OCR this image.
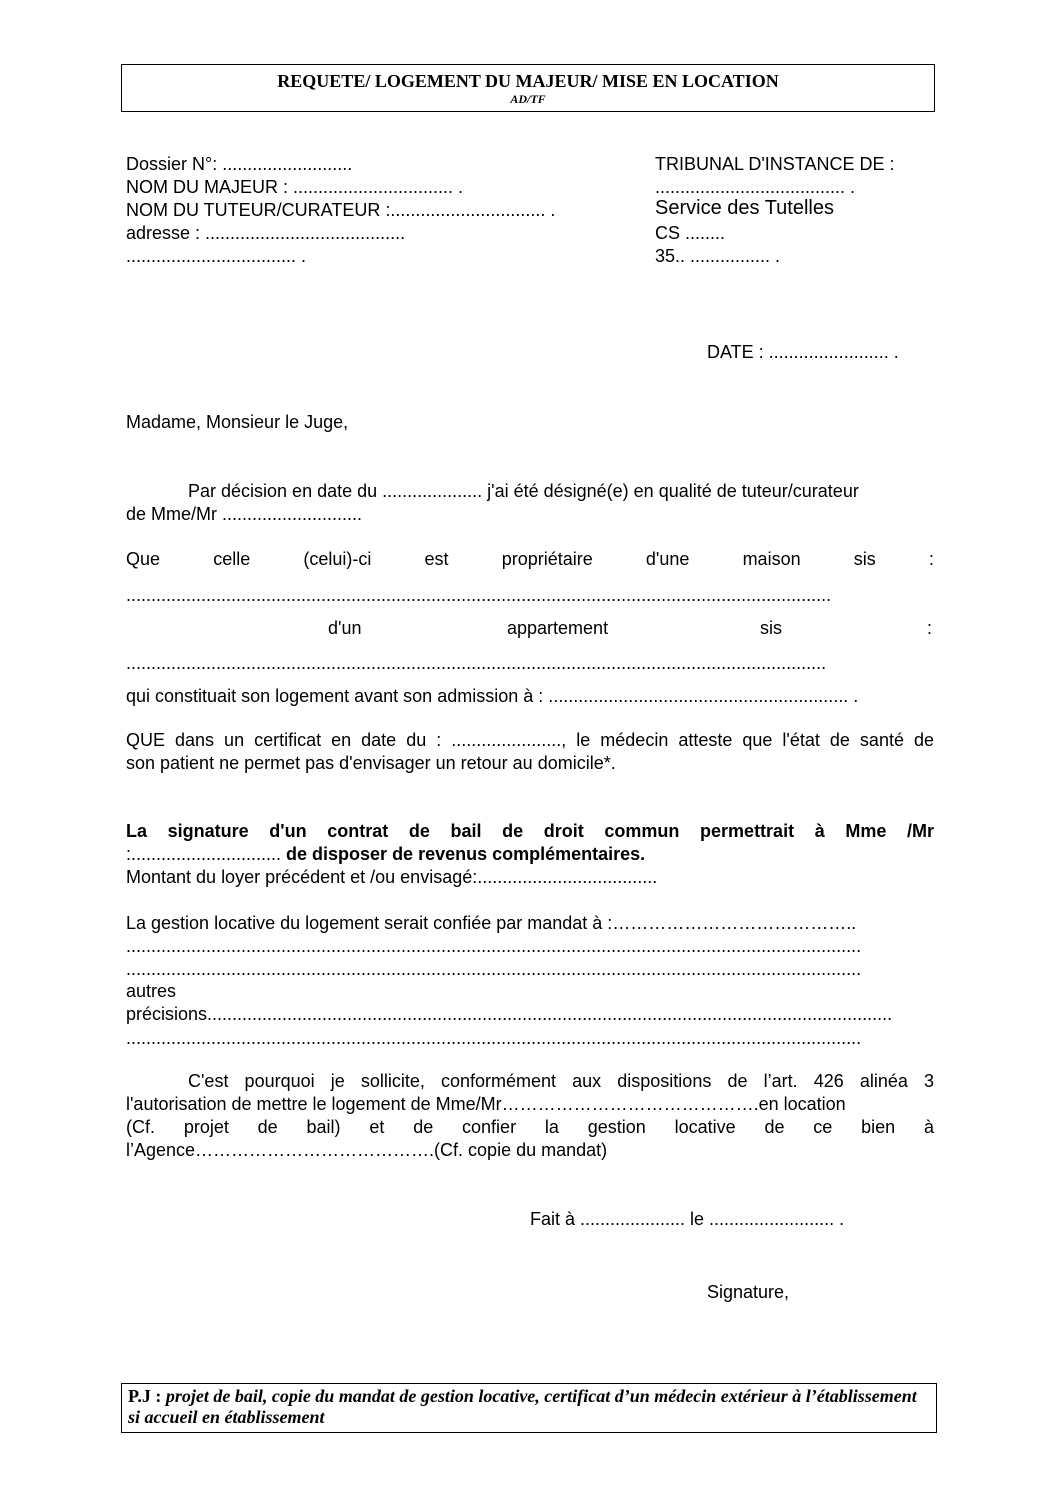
REQUETE/ LOGEMENT DU MAJEUR/ MISE EN LOCATION
AD/TF
Dossier N°: ..........................
NOM DU MAJEUR : ................................ .
NOM DU TUTEUR/CURATEUR :............................... .
adresse : ........................................
.................................. .
TRIBUNAL D'INSTANCE DE :
...................................... .
Service des Tutelles
CS ........
35.. ................ .
DATE : ........................ .
Madame, Monsieur le Juge,
Par décision en date du .................... j'ai été désigné(e) en qualité de tuteur/curateur
de Mme/Mr ............................
Que	celle	(celui)-ci	est	propriétaire	d'une	maison	sis	:
.............................................................................................................................................
d'un	appartement	sis	:
............................................................................................................................................
qui constituait son logement avant son admission à : ............................................................ .
QUE dans un certificat en date du : ......................, le médecin atteste que l'état de santé de
son patient ne permet pas d'envisager un retour au domicile*.
La signature d'un contrat de bail de droit commun permettrait à Mme /Mr
:.............................. de disposer de revenus complémentaires.
Montant du loyer précédent et /ou envisagé:....................................
La gestion locative du logement serait confiée par mandat à :…………………………………..
...................................................................................................................................................
...................................................................................................................................................
autres
précisions.........................................................................................................................................
...................................................................................................................................................
C'est pourquoi je sollicite, conformément aux dispositions de l’art. 426 alinéa 3
l'autorisation de mettre le logement de Mme/Mr…………………………………….en location
(Cf. projet de bail) et de confier la gestion locative de ce bien à
l’Agence………………………………….(Cf. copie du mandat)
Fait à ..................... le ......................... .
Signature,
P.J : projet de bail, copie du mandat de gestion locative, certificat d’un médecin extérieur à l’établissement si accueil en établissement
